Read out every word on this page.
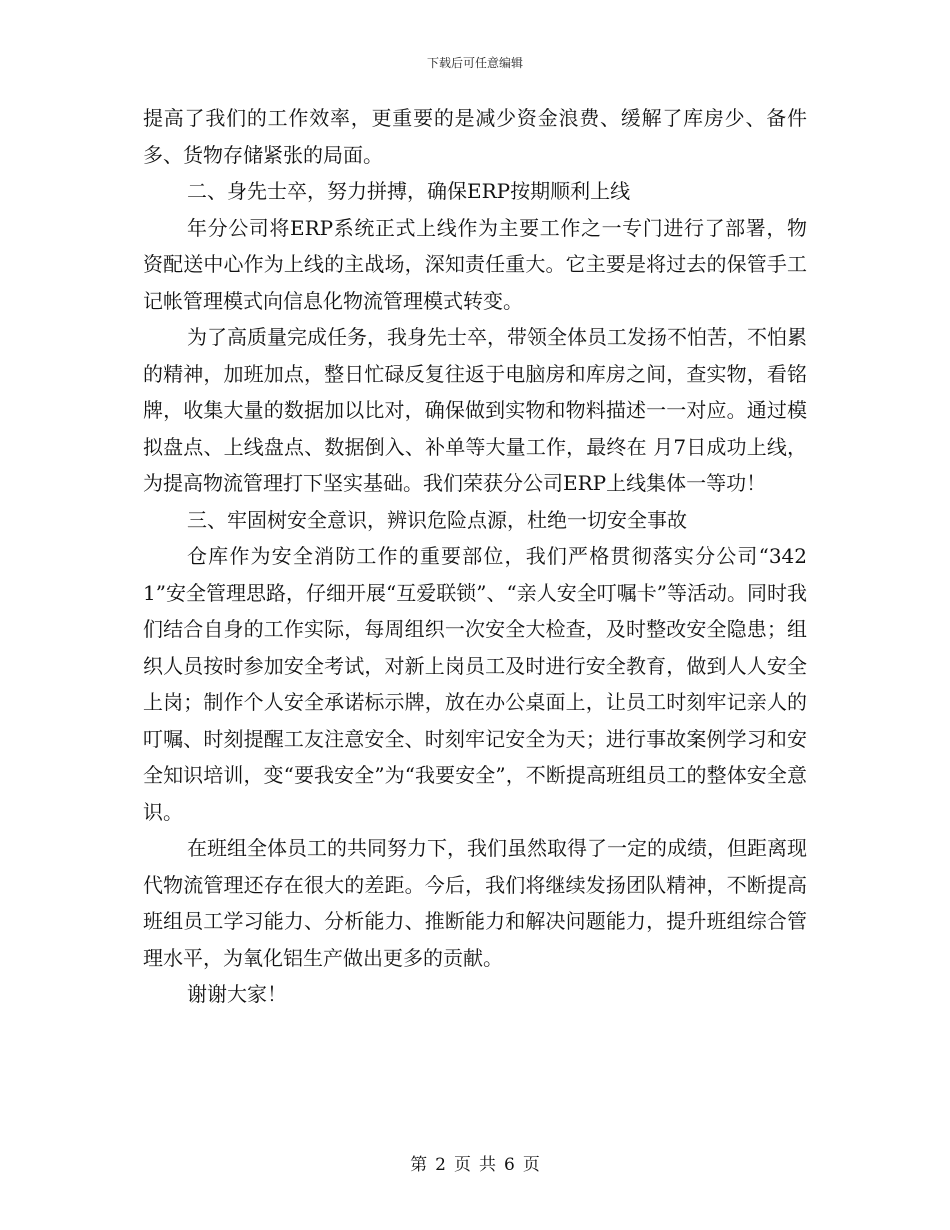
下载后可任意编辑

提高了我们的工作效率，更重要的是减少资金浪费、缓解了库房少、备件多、货物存储紧张的局面。

二、身先士卒，努力拼搏，确保ERP按期顺利上线

年分公司将ERP系统正式上线作为主要工作之一专门进行了部署，物资配送中心作为上线的主战场，深知责任重大。它主要是将过去的保管手工记帐管理模式向信息化物流管理模式转变。

为了高质量完成任务，我身先士卒，带领全体员工发扬不怕苦，不怕累的精神，加班加点，整日忙碌反复往返于电脑房和库房之间，查实物，看铭牌，收集大量的数据加以比对，确保做到实物和物料描述一一对应。通过模拟盘点、上线盘点、数据倒入、补单等大量工作，最终在 月7日成功上线，为提高物流管理打下坚实基础。我们荣获分公司ERP上线集体一等功！

三、牢固树安全意识，辨识危险点源，杜绝一切安全事故

仓库作为安全消防工作的重要部位，我们严格贯彻落实分公司“3421”安全管理思路，仔细开展“互爱联锁”、“亲人安全叮嘱卡”等活动。同时我们结合自身的工作实际，每周组织一次安全大检查，及时整改安全隐患；组织人员按时参加安全考试，对新上岗员工及时进行安全教育，做到人人安全上岗；制作个人安全承诺标示牌，放在办公桌面上，让员工时刻牢记亲人的叮嘱、时刻提醒工友注意安全、时刻牢记安全为天；进行事故案例学习和安全知识培训，变“要我安全”为“我要安全”，不断提高班组员工的整体安全意识。

在班组全体员工的共同努力下，我们虽然取得了一定的成绩，但距离现代物流管理还存在很大的差距。今后，我们将继续发扬团队精神，不断提高班组员工学习能力、分析能力、推断能力和解决问题能力，提升班组综合管理水平，为氧化铝生产做出更多的贡献。

谢谢大家！

第 2 页 共 6 页
